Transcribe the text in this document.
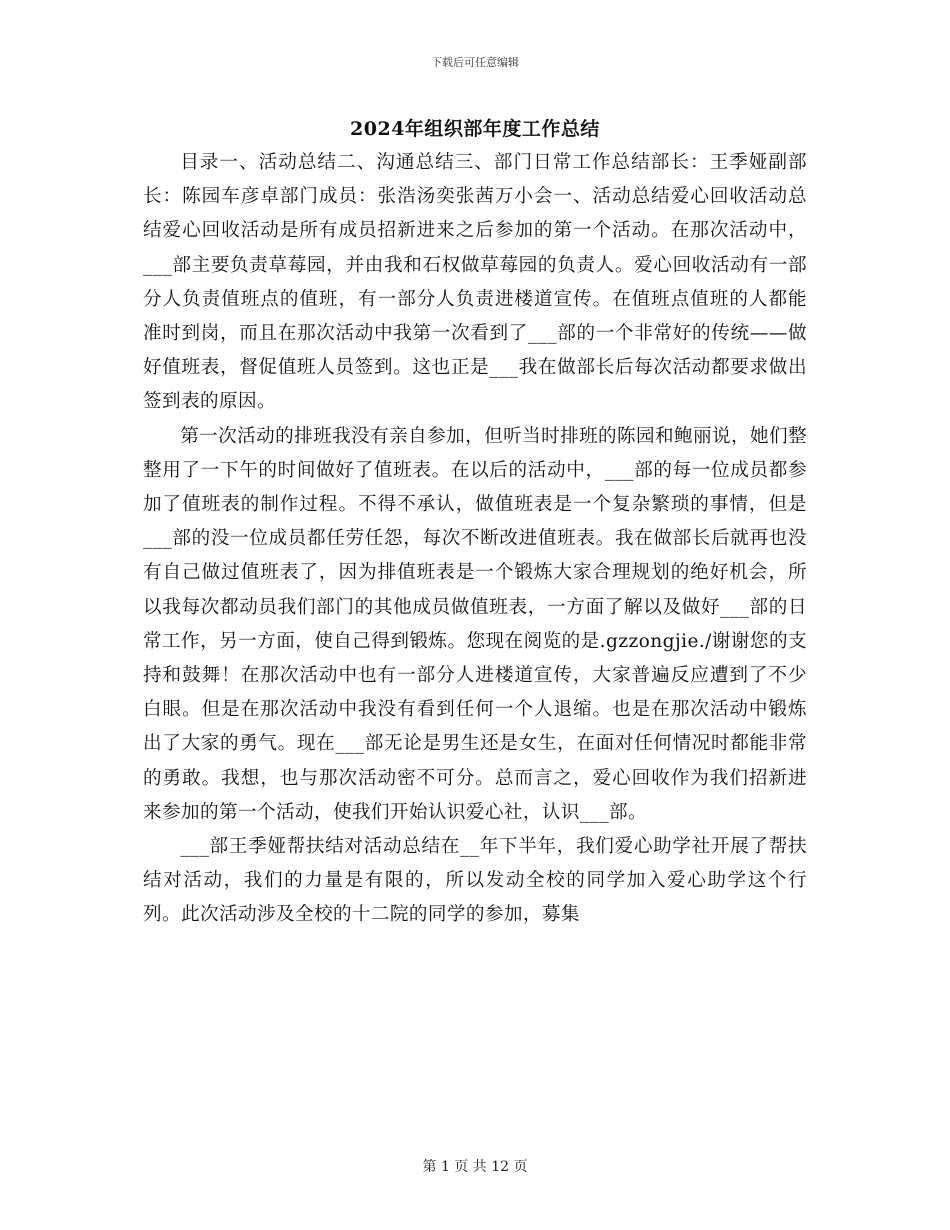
下载后可任意编辑
2024年组织部年度工作总结

目录一、活动总结二、沟通总结三、部门日常工作总结部长：王季娅副部长：陈园车彦卓部门成员：张浩汤奕张茜万小会一、活动总结爱心回收活动总结爱心回收活动是所有成员招新进来之后参加的第一个活动。在那次活动中，___部主要负责草莓园，并由我和石权做草莓园的负责人。爱心回收活动有一部分人负责值班点的值班，有一部分人负责进楼道宣传。在值班点值班的人都能准时到岗，而且在那次活动中我第一次看到了___部的一个非常好的传统——做好值班表，督促值班人员签到。这也正是___我在做部长后每次活动都要求做出签到表的原因。

第一次活动的排班我没有亲自参加，但听当时排班的陈园和鲍丽说，她们整整用了一下午的时间做好了值班表。在以后的活动中，___部的每一位成员都参加了值班表的制作过程。不得不承认，做值班表是一个复杂繁琐的事情，但是___部的没一位成员都任劳任怨，每次不断改进值班表。我在做部长后就再也没有自己做过值班表了，因为排值班表是一个锻炼大家合理规划的绝好机会，所以我每次都动员我们部门的其他成员做值班表，一方面了解以及做好___部的日常工作，另一方面，使自己得到锻炼。您现在阅览的是.gzzongjie./谢谢您的支持和鼓舞！在那次活动中也有一部分人进楼道宣传，大家普遍反应遭到了不少白眼。但是在那次活动中我没有看到任何一个人退缩。也是在那次活动中锻炼出了大家的勇气。现在___部无论是男生还是女生，在面对任何情况时都能非常的勇敢。我想，也与那次活动密不可分。总而言之，爱心回收作为我们招新进来参加的第一个活动，使我们开始认识爱心社，认识___部。

___部王季娅帮扶结对活动总结在__年下半年，我们爱心助学社开展了帮扶结对活动，我们的力量是有限的，所以发动全校的同学加入爱心助学这个行列。此次活动涉及全校的十二院的同学的参加，募集

第 1 页 共 12 页
